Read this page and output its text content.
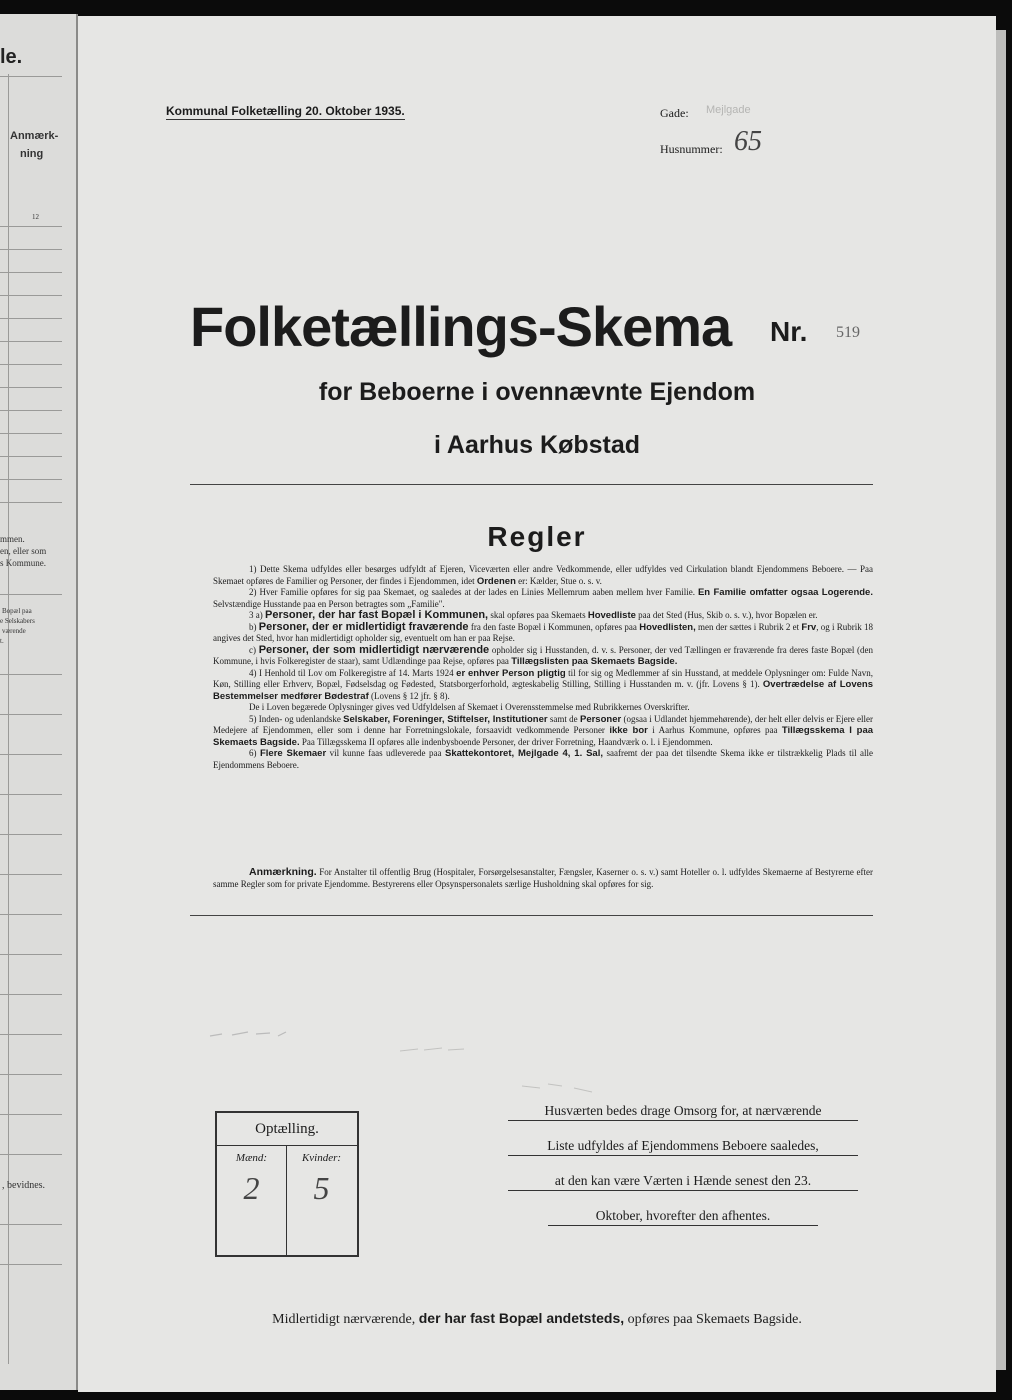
le.
Anmærk-
ning
12
mmen.
en, eller som
s Kommune.
Bopæl paa
e Selskabers
værende
t.
, bevidnes.
Kommunal Folketælling 20. Oktober 1935.	Gade: Mejlgade
Husnummer: 65
Folketællings-Skema Nr. 519
for Beboerne i ovennævnte Ejendom
i Aarhus Købstad
Regler

1) Dette Skema udfyldes eller besørges udfyldt af Ejeren, Viceværten eller andre Vedkommende, eller udfyldes ved Cirkulation blandt Ejendommens Beboere. — Paa Skemaet opføres de Familier og Personer, der findes i Ejendommen, idet Ordenen er: Kælder, Stue o. s. v.

2) Hver Familie opføres for sig paa Skemaet, og saaledes at der lades en Linies Mellemrum aaben mellem hver Familie. En Familie omfatter ogsaa Logerende. Selvstændige Husstande paa en Person betragtes som „Familie".

3 a) Personer, der har fast Bopæl i Kommunen, skal opføres paa Skemaets Hovedliste paa det Sted (Hus, Skib o. s. v.), hvor Bopælen er.

b) Personer, der er midlertidigt fraværende fra den faste Bopæl i Kommunen, opføres paa Hovedlisten, men der sættes i Rubrik 2 et Frv, og i Rubrik 18 angives det Sted, hvor han midlertidigt opholder sig, eventuelt om han er paa Rejse.

c) Personer, der som midlertidigt nærværende opholder sig i Husstanden, d. v. s. Personer, der ved Tællingen er fraværende fra deres faste Bopæl (den Kommune, i hvis Folkeregister de staar), samt Udlændinge paa Rejse, opføres paa Tillægslisten paa Skemaets Bagside.

4) I Henhold til Lov om Folkeregistre af 14. Marts 1924 er enhver Person pligtig til for sig og Medlemmer af sin Husstand, at meddele Oplysninger om: Fulde Navn, Køn, Stilling eller Erhverv, Bopæl, Fødselsdag og Fødested, Statsborgerforhold, ægteskabelig Stilling, Stilling i Husstanden m. v. (jfr. Lovens § 1). Overtrædelse af Lovens Bestemmelser medfører Bødestraf (Lovens § 12 jfr. § 8).

De i Loven begærede Oplysninger gives ved Udfyldelsen af Skemaet i Overensstemmelse med Rubrikkernes Overskrifter.

5) Inden- og udenlandske Selskaber, Foreninger, Stiftelser, Institutioner samt de Personer (ogsaa i Udlandet hjemmehørende), der helt eller delvis er Ejere eller Medejere af Ejendommen, eller som i denne har Forretningslokale, forsaavidt vedkommende Personer ikke bor i Aarhus Kommune, opføres paa Tillægsskema I paa Skemaets Bagside. Paa Tillægsskema II opføres alle indenbysboende Personer, der driver Forretning, Haandværk o. l. i Ejendommen.

6) Flere Skemaer vil kunne faas udleverede paa Skattekontoret, Mejlgade 4, 1. Sal, saafremt der paa det tilsendte Skema ikke er tilstrækkelig Plads til alle Ejendommens Beboere.

Anmærkning. For Anstalter til offentlig Brug (Hospitaler, Forsørgelsesanstalter, Fængsler, Kaserner o. s. v.) samt Hoteller o. l. udfyldes Skemaerne af Bestyrerne efter samme Regler som for private Ejendomme. Bestyrerens eller Opsynspersonalets særlige Husholdning skal opføres for sig.

Optælling.
Mænd:
2
Kvinder:
5
Husværten bedes drage Omsorg for, at nærværende
Liste udfyldes af Ejendommens Beboere saaledes,
at den kan være Værten i Hænde senest den 23.
Oktober, hvorefter den afhentes.
Midlertidigt nærværende, der har fast Bopæl andetsteds, opføres paa Skemaets Bagside.
